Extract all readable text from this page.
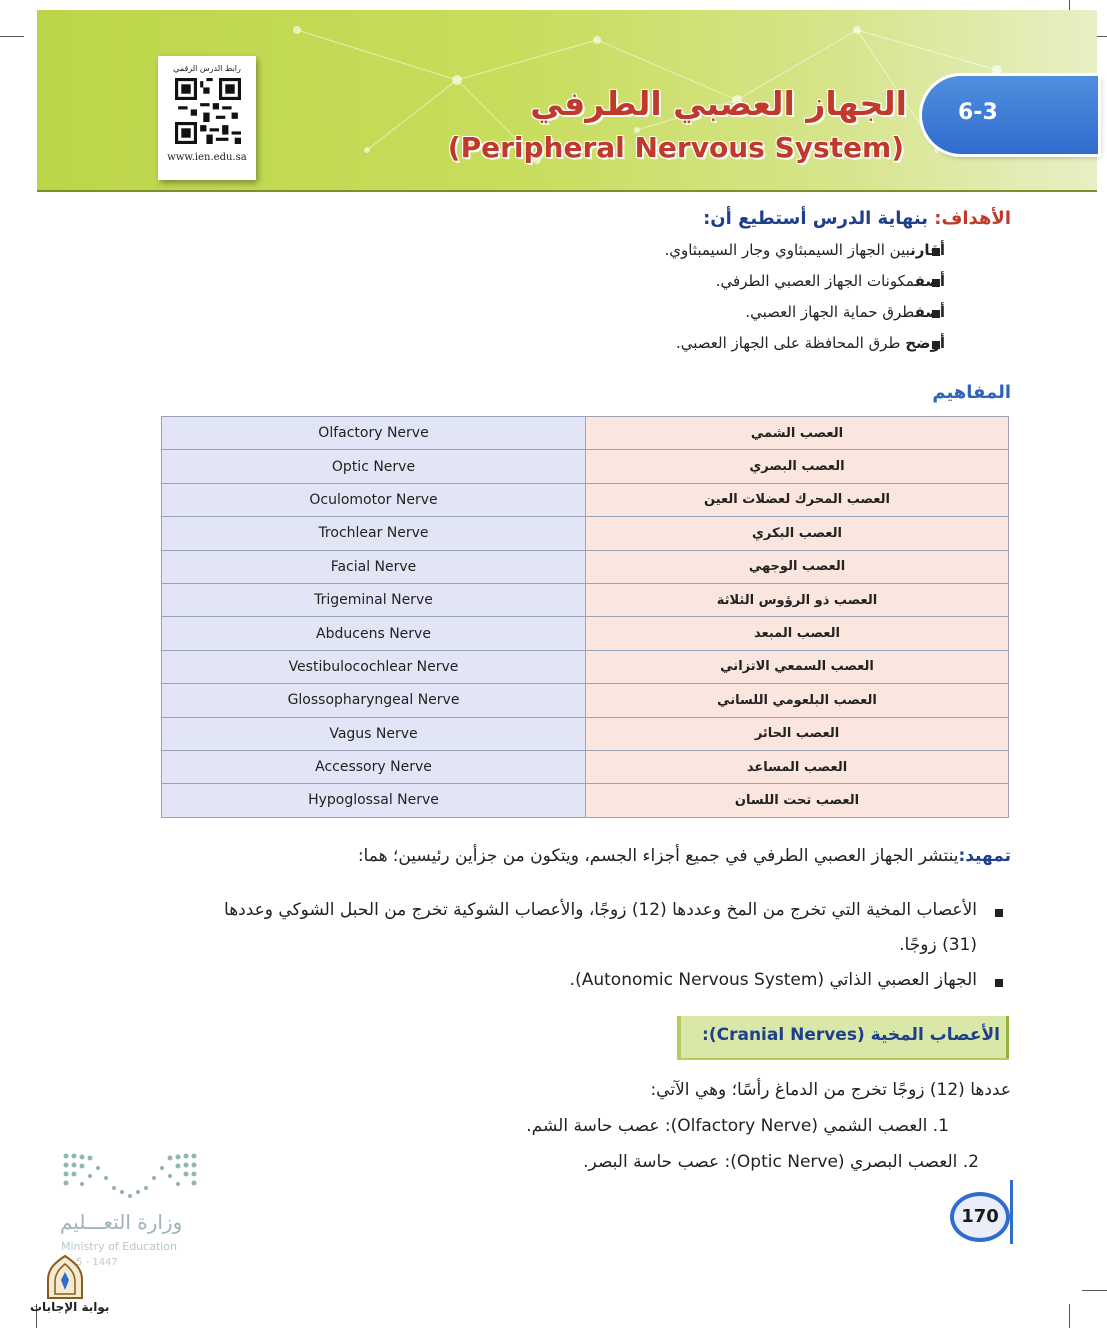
رابط الدرس الرقمي
www.ien.edu.sa
الجهاز العصبي الطرفي
(Peripheral Nervous System)
6-3
الأهداف: بنهاية الدرس أستطيع أن:
أقارنبين الجهاز السيمبثاوي وجار السيمبثاوي.
أصفمكونات الجهاز العصبي الطرفي.
أصفطرق حماية الجهاز العصبي.
أوضح طرق المحافظة على الجهاز العصبي.
المفاهيم
Olfactory Nerve	العصب الشمي
Optic Nerve	العصب البصري
Oculomotor Nerve	العصب المحرك لعضلات العين
Trochlear Nerve	العصب البكري
Facial Nerve	العصب الوجهي
Trigeminal Nerve	العصب ذو الرؤوس الثلاثة
Abducens Nerve	العصب المبعد
Vestibulocochlear Nerve	العصب السمعي الاتزاني
Glossopharyngeal Nerve	العصب البلعومي اللساني
Vagus Nerve	العصب الحائر
Accessory Nerve	العصب المساعد
Hypoglossal Nerve	العصب تحت اللسان
تمهيد:ينتشر الجهاز العصبي الطرفي في جميع أجزاء الجسم، ويتكون من جزأين رئيسين؛ هما:
الأعصاب المخية التي تخرج من المخ وعددها (12) زوجًا، والأعصاب الشوكية تخرج من الحبل الشوكي وعددها
(31) زوجًا.
الجهاز العصبي الذاتي (Autonomic Nervous System).
الأعصاب المخية (Cranial Nerves):
عددها (12) زوجًا تخرج من الدماغ رأسًا؛ وهي الآتي:
1. العصب الشمي (Olfactory Nerve): عصب حاسة الشم.
2. العصب البصري (Optic Nerve): عصب حاسة البصر.
170
وزارة التعـــليم
Ministry of Education
5 - 1447
بوابة الإجابات
